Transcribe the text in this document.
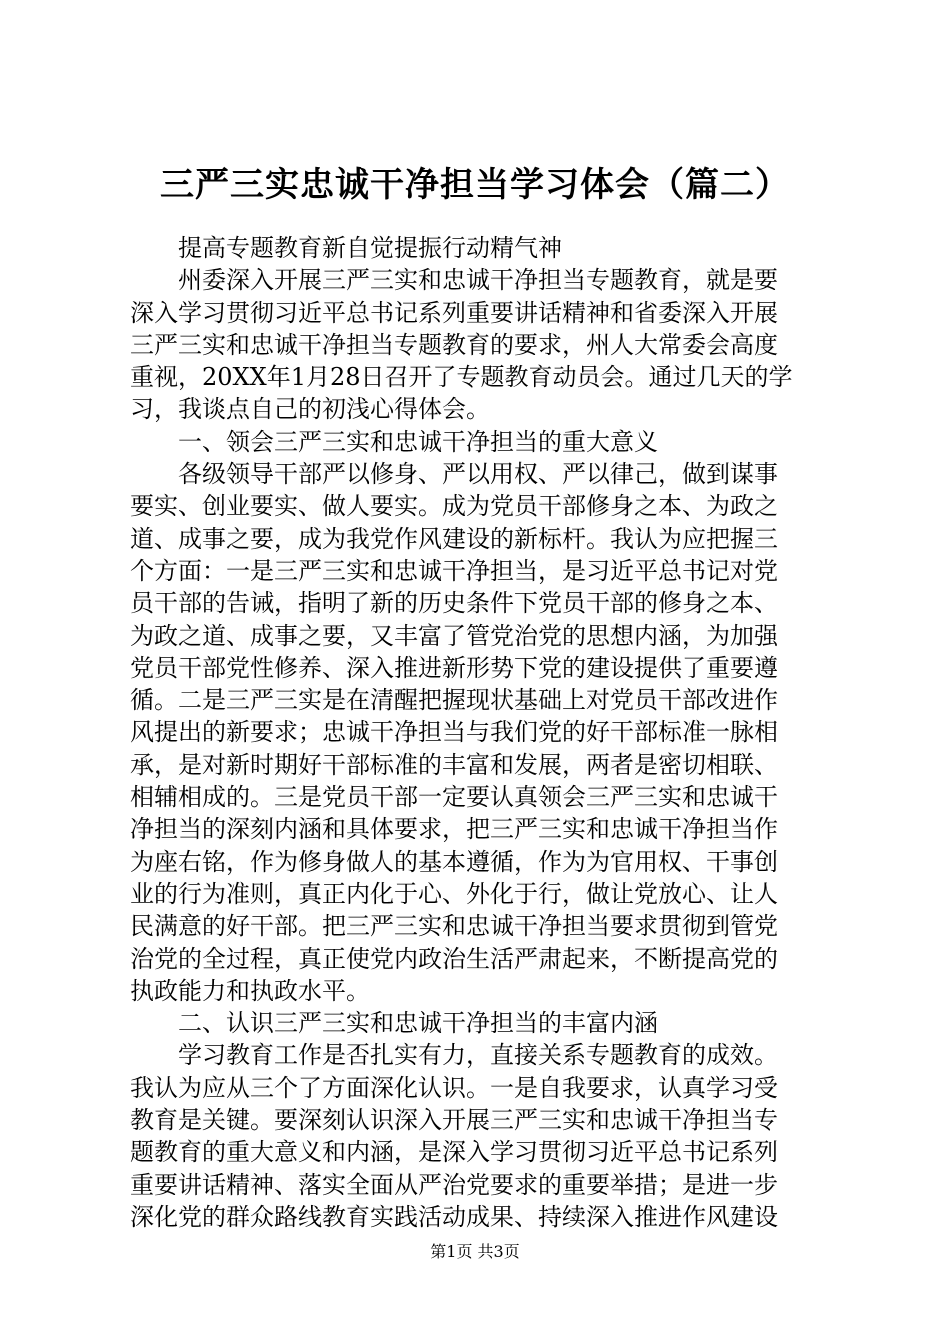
三严三实忠诚干净担当学习体会（篇二）
提高专题教育新自觉提振行动精气神
州委深入开展三严三实和忠诚干净担当专题教育，就是要
深入学习贯彻习近平总书记系列重要讲话精神和省委深入开展
三严三实和忠诚干净担当专题教育的要求，州人大常委会高度
重视，20XX年1月28日召开了专题教育动员会。通过几天的学
习，我谈点自己的初浅心得体会。
一、领会三严三实和忠诚干净担当的重大意义
各级领导干部严以修身、严以用权、严以律己，做到谋事
要实、创业要实、做人要实。成为党员干部修身之本、为政之
道、成事之要，成为我党作风建设的新标杆。我认为应把握三
个方面：一是三严三实和忠诚干净担当，是习近平总书记对党
员干部的告诫，指明了新的历史条件下党员干部的修身之本、
为政之道、成事之要，又丰富了管党治党的思想内涵，为加强
党员干部党性修养、深入推进新形势下党的建设提供了重要遵
循。二是三严三实是在清醒把握现状基础上对党员干部改进作
风提出的新要求；忠诚干净担当与我们党的好干部标准一脉相
承，是对新时期好干部标准的丰富和发展，两者是密切相联、
相辅相成的。三是党员干部一定要认真领会三严三实和忠诚干
净担当的深刻内涵和具体要求，把三严三实和忠诚干净担当作
为座右铭，作为修身做人的基本遵循，作为为官用权、干事创
业的行为准则，真正内化于心、外化于行，做让党放心、让人
民满意的好干部。把三严三实和忠诚干净担当要求贯彻到管党
治党的全过程，真正使党内政治生活严肃起来，不断提高党的
执政能力和执政水平。
二、认识三严三实和忠诚干净担当的丰富内涵
学习教育工作是否扎实有力，直接关系专题教育的成效。
我认为应从三个了方面深化认识。一是自我要求，认真学习受
教育是关键。要深刻认识深入开展三严三实和忠诚干净担当专
题教育的重大意义和内涵，是深入学习贯彻习近平总书记系列
重要讲话精神、落实全面从严治党要求的重要举措；是进一步
深化党的群众路线教育实践活动成果、持续深入推进作风建设
第1页 共3页
